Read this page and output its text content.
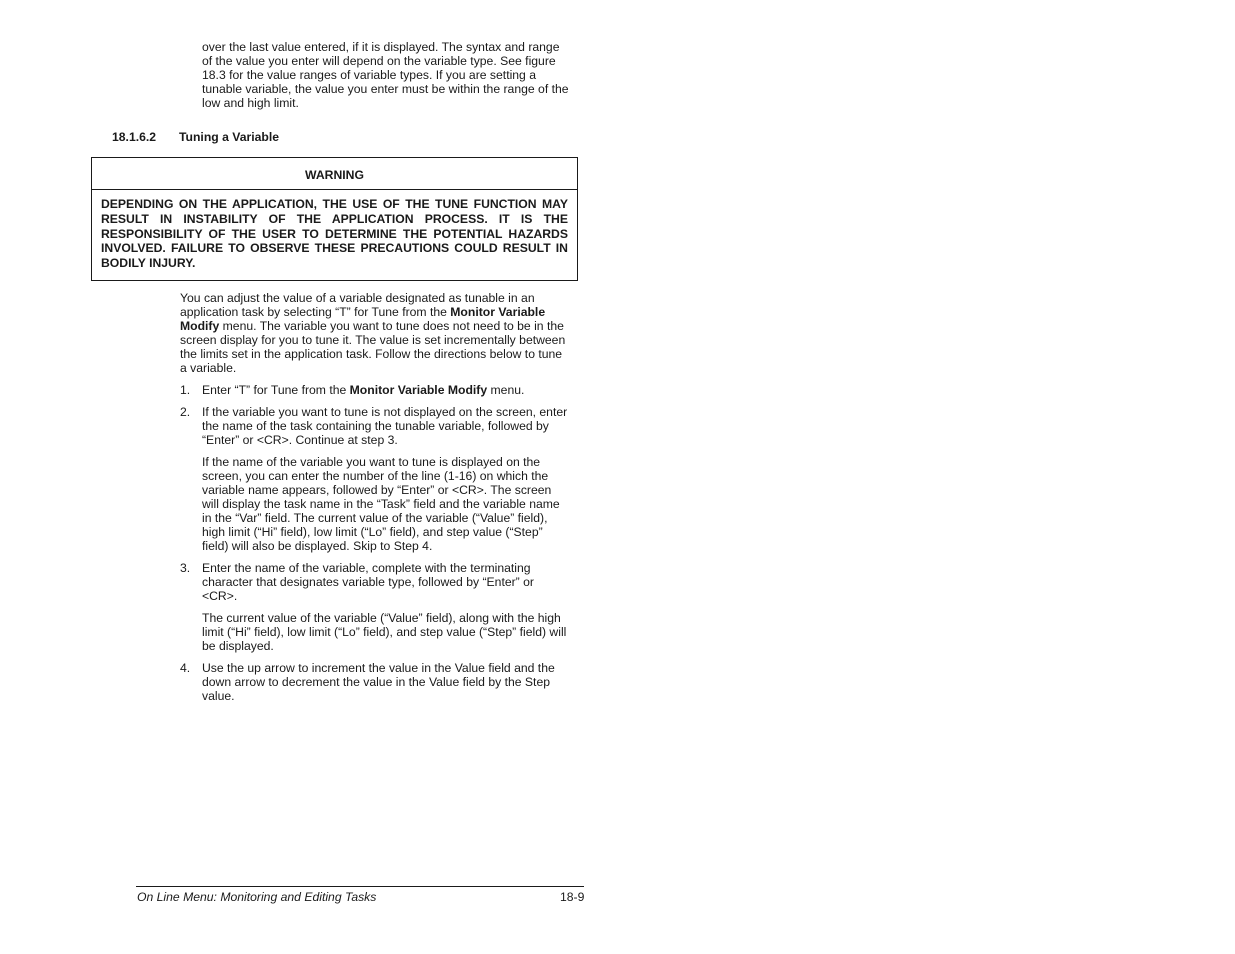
over the last value entered, if it is displayed. The syntax and range of the value you enter will depend on the variable type. See figure 18.3 for the value ranges of variable types. If you are setting a tunable variable, the value you enter must be within the range of the low and high limit.

18.1.6.2 Tuning a Variable
WARNING
DEPENDING ON THE APPLICATION, THE USE OF THE TUNE FUNCTION MAY RESULT IN INSTABILITY OF THE APPLICATION PROCESS. IT IS THE RESPONSIBILITY OF THE USER TO DETERMINE THE POTENTIAL HAZARDS INVOLVED. FAILURE TO OBSERVE THESE PRECAUTIONS COULD RESULT IN BODILY INJURY.

You can adjust the value of a variable designated as tunable in an application task by selecting “T” for Tune from the Monitor Variable Modify menu. The variable you want to tune does not need to be in the screen display for you to tune it. The value is set incrementally between the limits set in the application task. Follow the directions below to tune a variable.

1. Enter “T” for Tune from the Monitor Variable Modify menu.
2. If the variable you want to tune is not displayed on the screen, enter the name of the task containing the tunable variable, followed by “Enter” or <CR>. Continue at step 3.

If the name of the variable you want to tune is displayed on the screen, you can enter the number of the line (1-16) on which the variable name appears, followed by “Enter” or <CR>. The screen will display the task name in the “Task” field and the variable name in the “Var” field. The current value of the variable (“Value” field), high limit (“Hi” field), low limit (“Lo” field), and step value (“Step” field) will also be displayed. Skip to Step 4.

3. Enter the name of the variable, complete with the terminating character that designates variable type, followed by “Enter” or <CR>.

The current value of the variable (“Value” field), along with the high limit (“Hi” field), low limit (“Lo” field), and step value (“Step” field) will be displayed.

4. Use the up arrow to increment the value in the Value field and the down arrow to decrement the value in the Value field by the Step value.
On Line Menu: Monitoring and Editing Tasks	18-9
